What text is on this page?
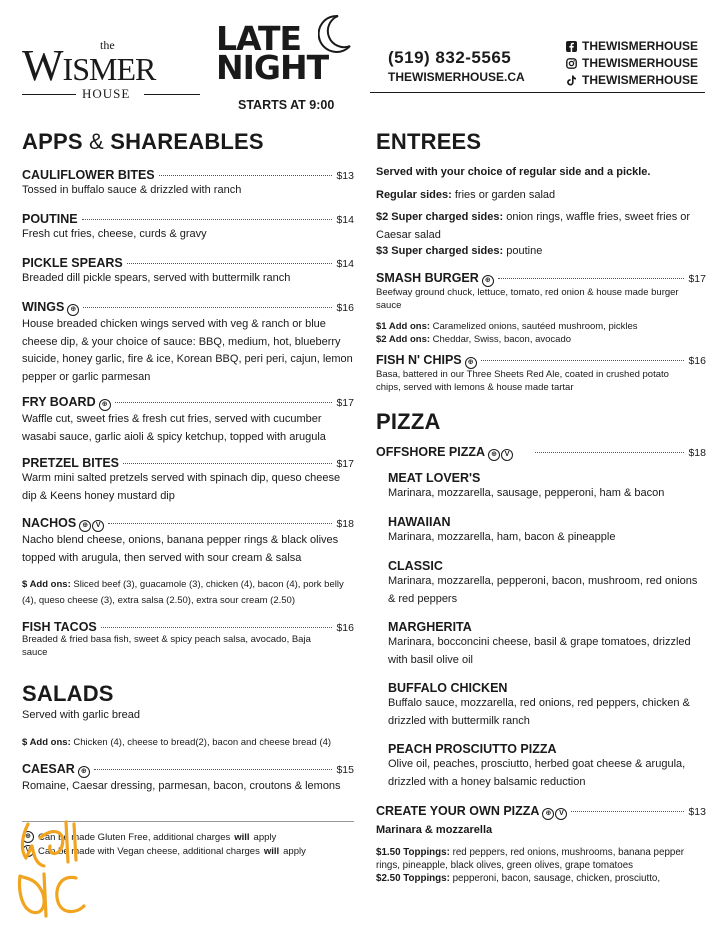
the
WISMER
HOUSE
LATE
NIGHT
STARTS AT 9:00
(519) 832-5565
THEWISMERHOUSE.CA
THEWISMERHOUSE
THEWISMERHOUSE
THEWISMERHOUSE
APPS & SHAREABLES
CAULIFLOWER BITES	$13
Tossed in buffalo sauce & drizzled with ranch
POUTINE	$14
Fresh cut fries, cheese, curds & gravy
PICKLE SPEARS	$14
Breaded dill pickle spears, served with buttermilk ranch
WINGS ⊕	$16
House breaded chicken wings served with veg & ranch or blue cheese dip, & your choice of sauce: BBQ, medium, hot, blueberry suicide, honey garlic, fire & ice, Korean BBQ, peri peri, cajun, lemon pepper or garlic parmesan
FRY BOARD ⊕	$17
Waffle cut, sweet fries & fresh cut fries, served with cucumber wasabi sauce, garlic aioli & spicy ketchup, topped with arugula
PRETZEL BITES	$17
Warm mini salted pretzels served with spinach dip, queso cheese dip & Keens honey mustard dip
NACHOS ⊕	V	$18
Nacho blend cheese, onions, banana pepper rings & black olives topped with arugula, then served with sour cream & salsa
$ Add ons: Sliced beef (3), guacamole (3), chicken (4), bacon (4), pork belly (4), queso cheese (3), extra salsa (2.50), extra sour cream (2.50)
FISH TACOS	$16
Breaded & fried basa fish, sweet & spicy peach salsa, avocado, Baja sauce
SALADS
Served with garlic bread
$ Add ons: Chicken (4), cheese to bread(2), bacon and cheese bread (4)
CAESAR ⊕	$15
Romaine, Caesar dressing, parmesan, bacon, croutons & lemons
⊕ Can be made Gluten Free, additional charges will apply
V Can be made with Vegan cheese, additional charges will apply
ENTREES
Served with your choice of regular side and a pickle.
Regular sides: fries or garden salad
$2 Super charged sides: onion rings, waffle fries, sweet fries or Caesar salad
$3 Super charged sides: poutine
SMASH BURGER ⊕	$17
Beefway ground chuck, lettuce, tomato, red onion & house made burger sauce
$1 Add ons: Caramelized onions, sautéed mushroom, pickles
$2 Add ons: Cheddar, Swiss, bacon, avocado
FISH N' CHIPS ⊕	$16
Basa, battered in our Three Sheets Red Ale, coated in crushed potato chips, served with lemons & house made tartar
PIZZA
OFFSHORE PIZZA ⊕	V	$18
MEAT LOVER'S
Marinara, mozzarella, sausage, pepperoni, ham & bacon
HAWAIIAN
Marinara, mozzarella, ham, bacon & pineapple
CLASSIC
Marinara, mozzarella, pepperoni, bacon, mushroom, red onions & red peppers
MARGHERITA
Marinara, bocconcini cheese, basil & grape tomatoes, drizzled with basil olive oil
BUFFALO CHICKEN
Buffalo sauce, mozzarella, red onions, red peppers, chicken & drizzled with buttermilk ranch
PEACH PROSCIUTTO PIZZA
Olive oil, peaches, prosciutto, herbed goat cheese & arugula, drizzled with a honey balsamic reduction
CREATE YOUR OWN PIZZA ⊕	V	$13
Marinara & mozzarella
$1.50 Toppings: red peppers, red onions, mushrooms, banana pepper rings, pineapple, black olives, green olives, grape tomatoes
$2.50 Toppings: pepperoni, bacon, sausage, chicken, prosciutto,
